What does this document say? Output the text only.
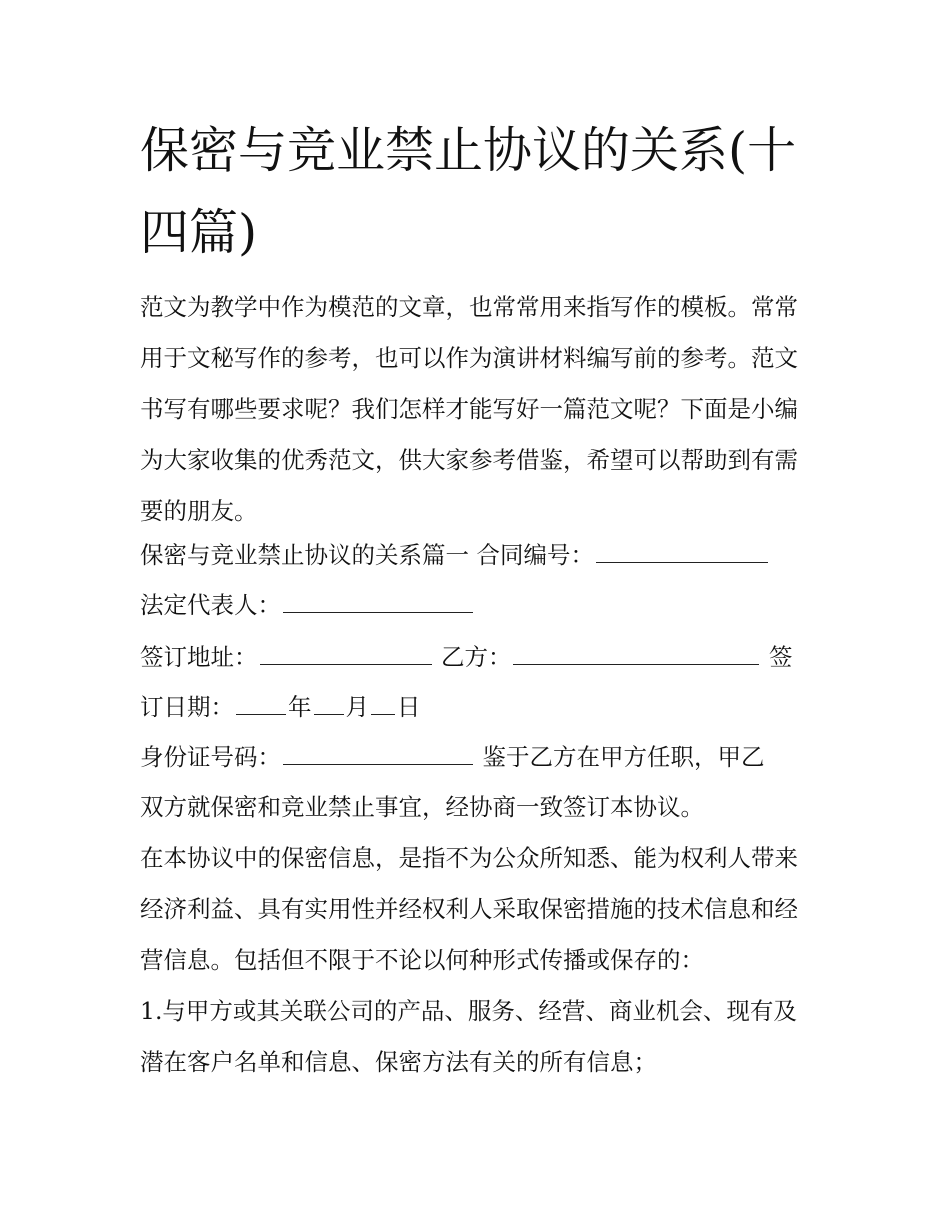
保密与竞业禁止协议的关系(十四篇)

范文为教学中作为模范的文章，也常常用来指写作的模板。常常用于文秘写作的参考，也可以作为演讲材料编写前的参考。范文书写有哪些要求呢？我们怎样才能写好一篇范文呢？下面是小编为大家收集的优秀范文，供大家参考借鉴，希望可以帮助到有需要的朋友。

保密与竞业禁止协议的关系篇一 合同编号：
法定代表人：
签订地址：	乙方：	签
订日期： 年 月 日
身份证号码：	鉴于乙方在甲方任职，甲乙
双方就保密和竞业禁止事宜，经协商一致签订本协议。

在本协议中的保密信息，是指不为公众所知悉、能为权利人带来经济利益、具有实用性并经权利人采取保密措施的技术信息和经营信息。包括但不限于不论以何种形式传播或保存的：

1.与甲方或其关联公司的产品、服务、经营、商业机会、现有及潜在客户名单和信息、保密方法有关的所有信息；
